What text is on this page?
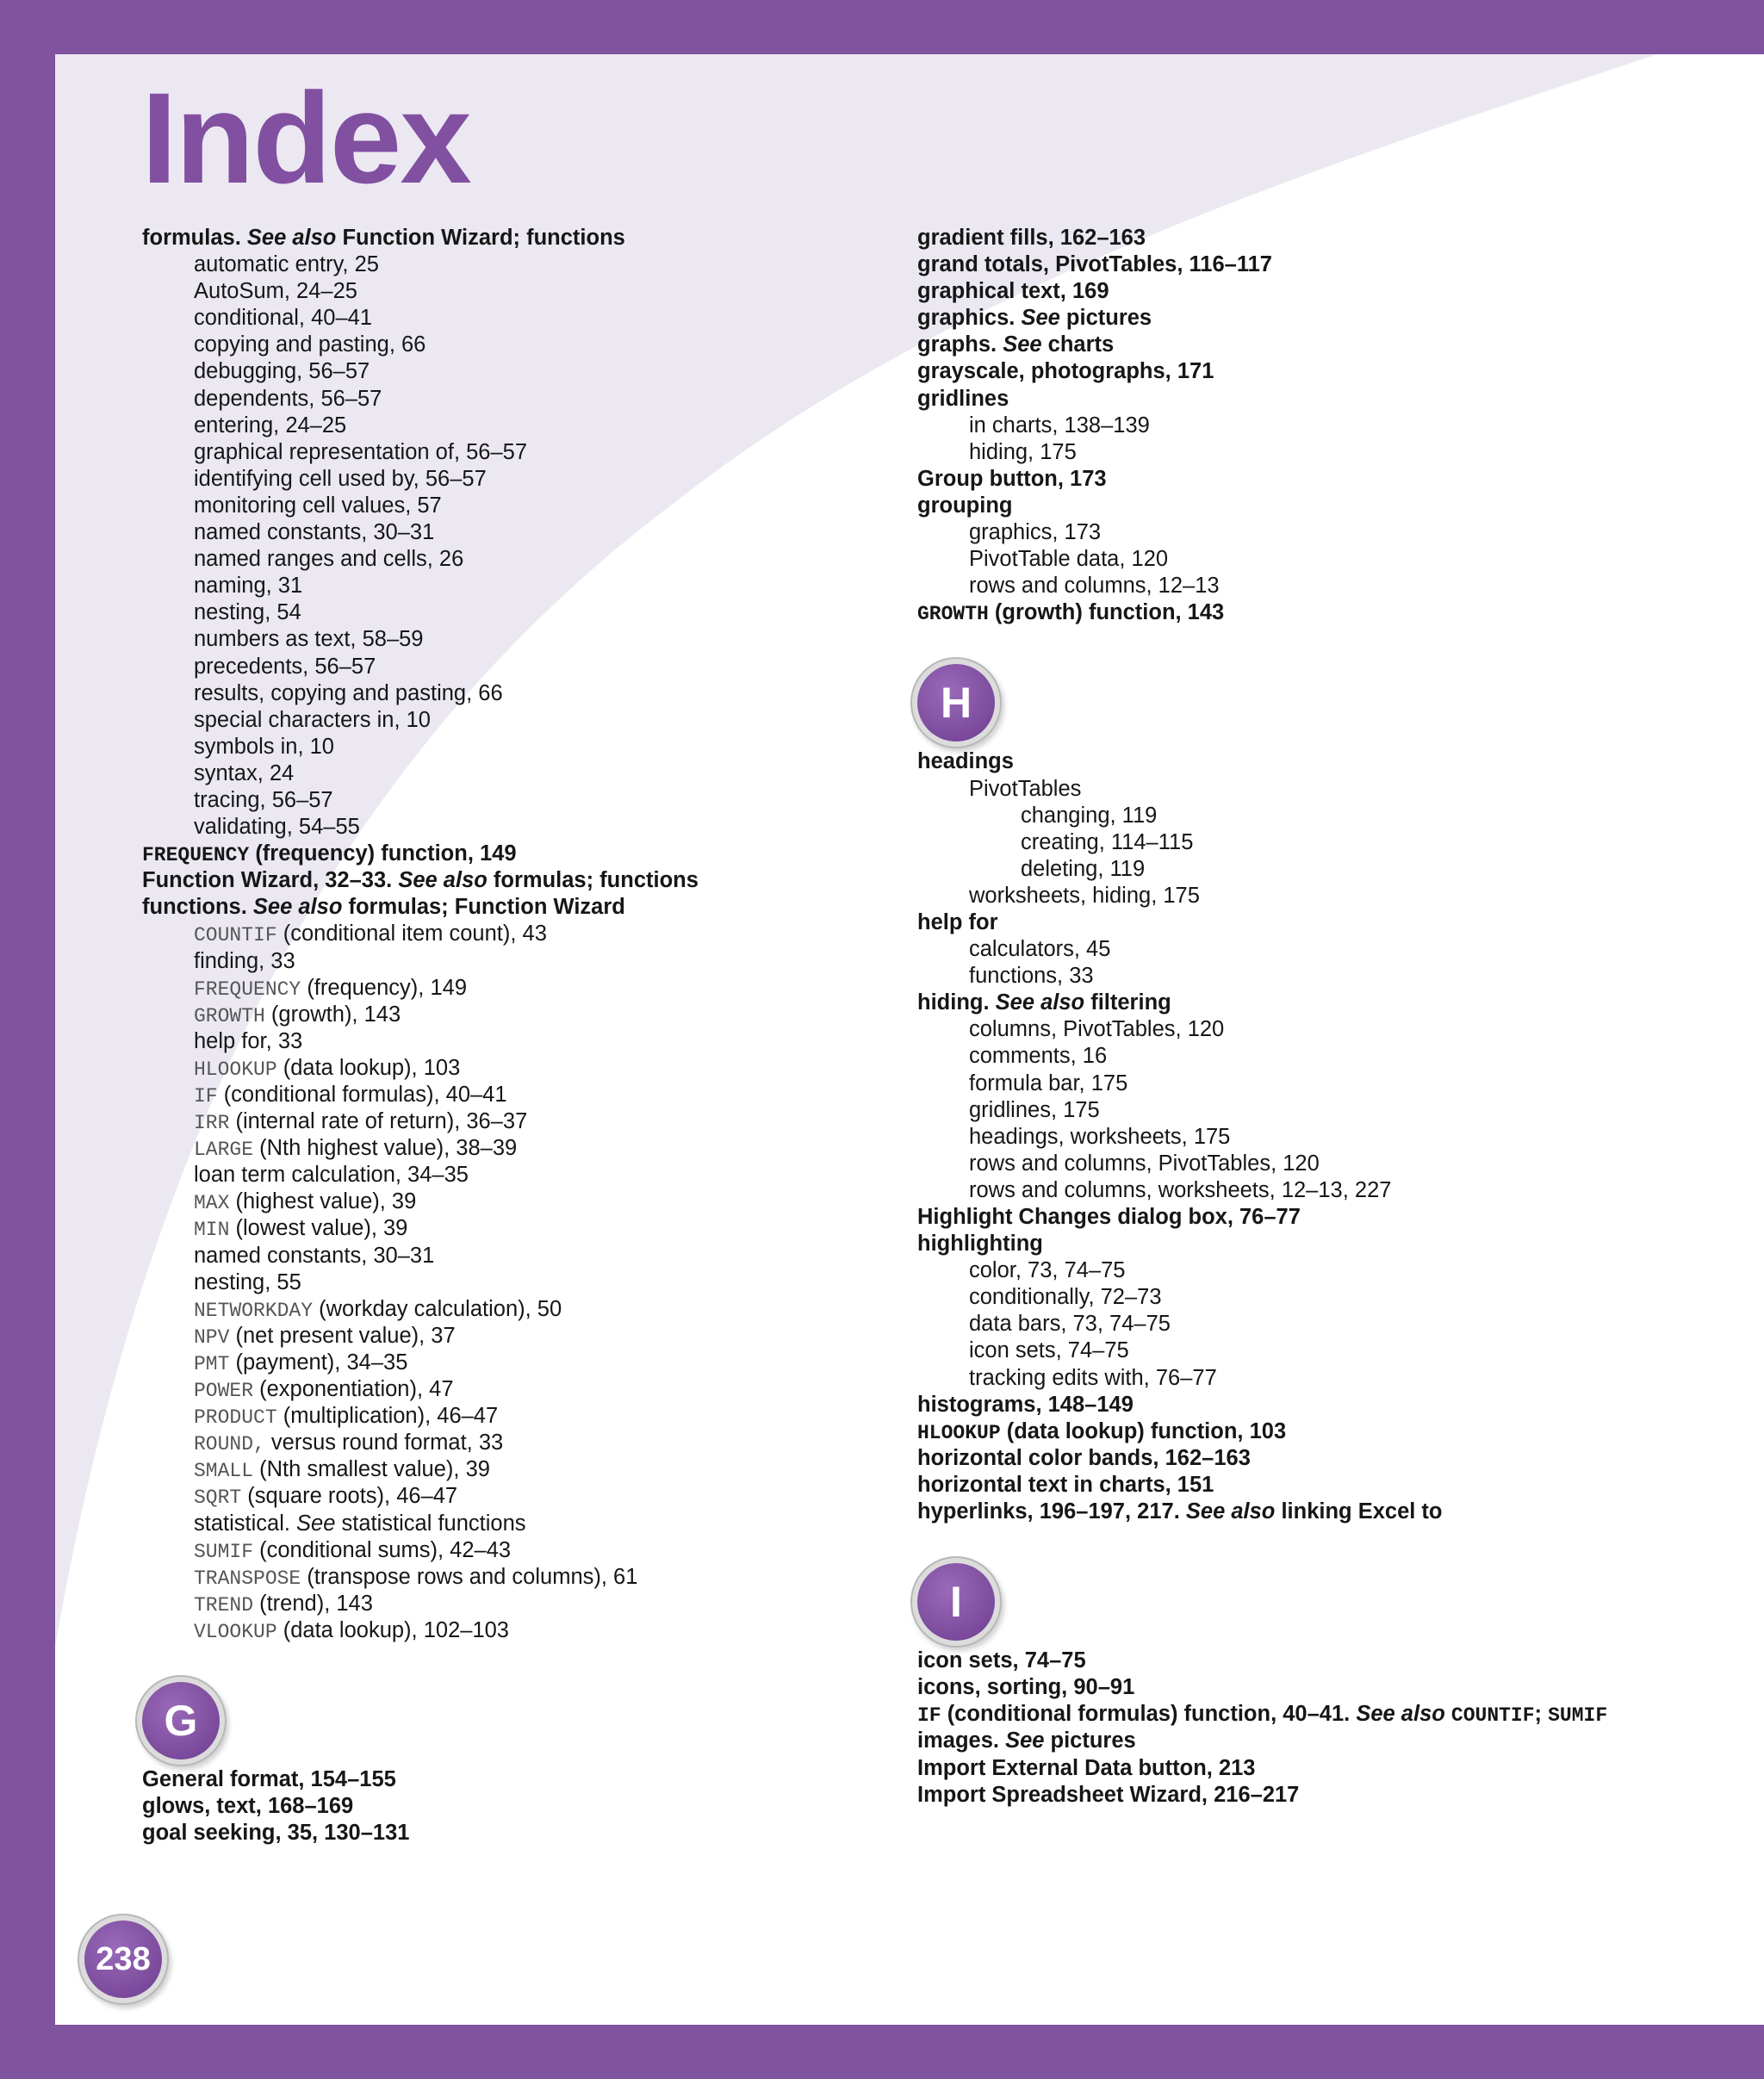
Index
formulas. See also Function Wizard; functions
automatic entry, 25
AutoSum, 24–25
conditional, 40–41
copying and pasting, 66
debugging, 56–57
dependents, 56–57
entering, 24–25
graphical representation of, 56–57
identifying cell used by, 56–57
monitoring cell values, 57
named constants, 30–31
named ranges and cells, 26
naming, 31
nesting, 54
numbers as text, 58–59
precedents, 56–57
results, copying and pasting, 66
special characters in, 10
symbols in, 10
syntax, 24
tracing, 56–57
validating, 54–55
FREQUENCY (frequency) function, 149
Function Wizard, 32–33. See also formulas; functions
functions. See also formulas; Function Wizard
COUNTIF (conditional item count), 43
finding, 33
FREQUENCY (frequency), 149
GROWTH (growth), 143
help for, 33
HLOOKUP (data lookup), 103
IF (conditional formulas), 40–41
IRR (internal rate of return), 36–37
LARGE (Nth highest value), 38–39
loan term calculation, 34–35
MAX (highest value), 39
MIN (lowest value), 39
named constants, 30–31
nesting, 55
NETWORKDAY (workday calculation), 50
NPV (net present value), 37
PMT (payment), 34–35
POWER (exponentiation), 47
PRODUCT (multiplication), 46–47
ROUND, versus round format, 33
SMALL (Nth smallest value), 39
SQRT (square roots), 46–47
statistical. See statistical functions
SUMIF (conditional sums), 42–43
TRANSPOSE (transpose rows and columns), 61
TREND (trend), 143
VLOOKUP (data lookup), 102–103
G
General format, 154–155
glows, text, 168–169
goal seeking, 35, 130–131
gradient fills, 162–163
grand totals, PivotTables, 116–117
graphical text, 169
graphics. See pictures
graphs. See charts
grayscale, photographs, 171
gridlines
in charts, 138–139
hiding, 175
Group button, 173
grouping
graphics, 173
PivotTable data, 120
rows and columns, 12–13
GROWTH (growth) function, 143
H
headings
PivotTables
changing, 119
creating, 114–115
deleting, 119
worksheets, hiding, 175
help for
calculators, 45
functions, 33
hiding. See also filtering
columns, PivotTables, 120
comments, 16
formula bar, 175
gridlines, 175
headings, worksheets, 175
rows and columns, PivotTables, 120
rows and columns, worksheets, 12–13, 227
Highlight Changes dialog box, 76–77
highlighting
color, 73, 74–75
conditionally, 72–73
data bars, 73, 74–75
icon sets, 74–75
tracking edits with, 76–77
histograms, 148–149
HLOOKUP (data lookup) function, 103
horizontal color bands, 162–163
horizontal text in charts, 151
hyperlinks, 196–197, 217. See also linking Excel to
I
icon sets, 74–75
icons, sorting, 90–91
IF (conditional formulas) function, 40–41. See also COUNTIF; SUMIF
images. See pictures
Import External Data button, 213
Import Spreadsheet Wizard, 216–217
238
